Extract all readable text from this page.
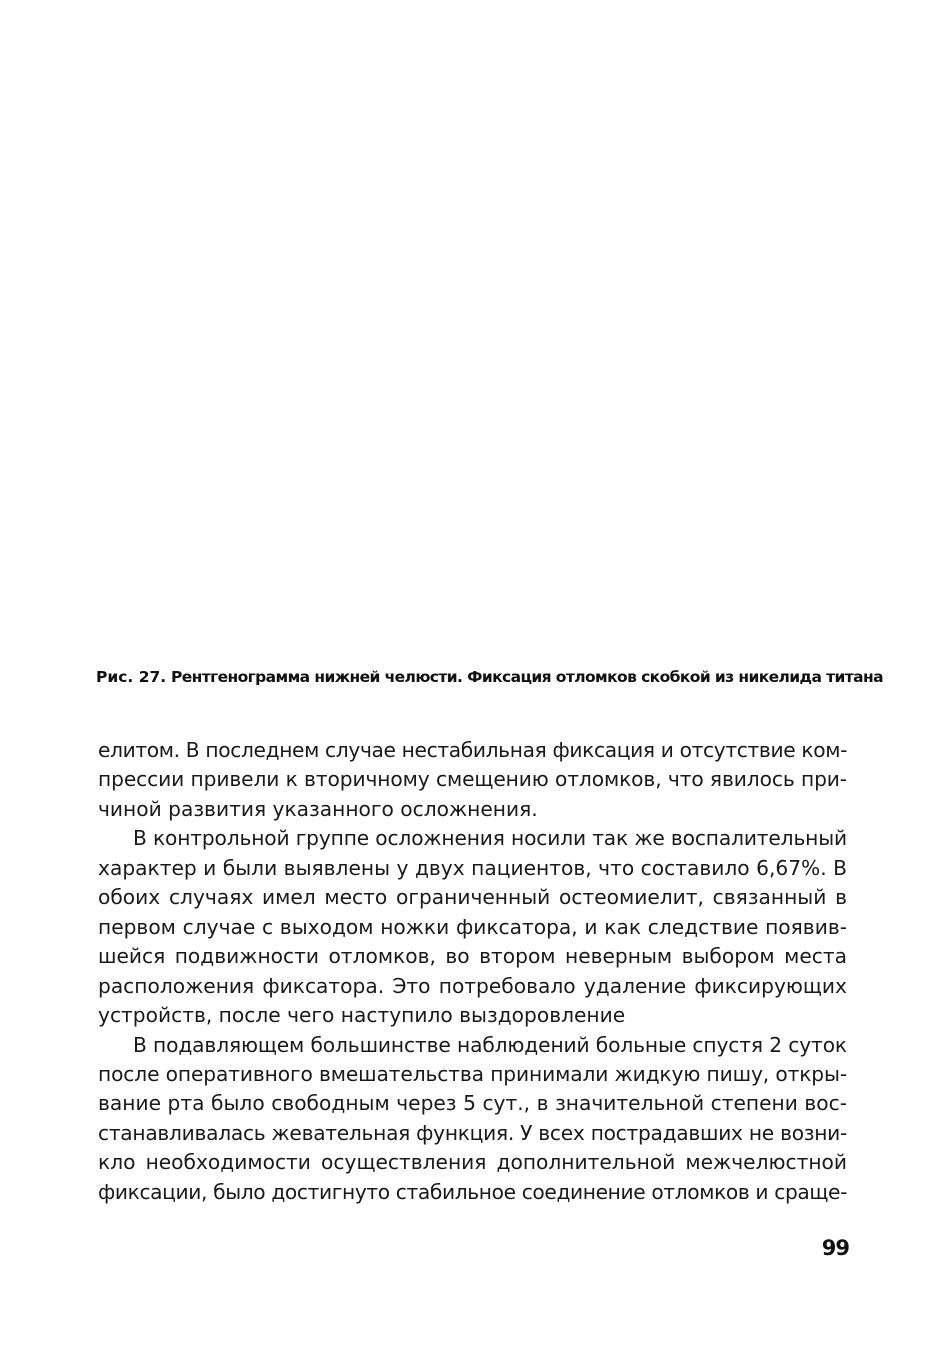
Рис. 27. Рентгенограмма нижней челюсти. Фиксация отломков скобкой из никелида титана
елитом. В последнем случае нестабильная фиксация и отсутствие ком-
прессии привели к вторичному смещению отломков, что явилось при-
чиной развития указанного осложнения.
В контрольной группе осложнения носили так же воспалительный
характер и были выявлены у двух пациентов, что составило 6,67%. В
обоих случаях имел место ограниченный остеомиелит, связанный в
первом случае с выходом ножки фиксатора, и как следствие появив-
шейся подвижности отломков, во втором неверным выбором места
расположения фиксатора. Это потребовало удаление фиксирующих
устройств, после чего наступило выздоровление
В подавляющем большинстве наблюдений больные спустя 2 суток
после оперативного вмешательства принимали жидкую пишу, откры-
вание рта было свободным через 5 сут., в значительной степени вос-
станавливалась жевательная функция. У всех пострадавших не возни-
кло необходимости осуществления дополнительной межчелюстной
фиксации, было достигнуто стабильное соединение отломков и сраще-
99
